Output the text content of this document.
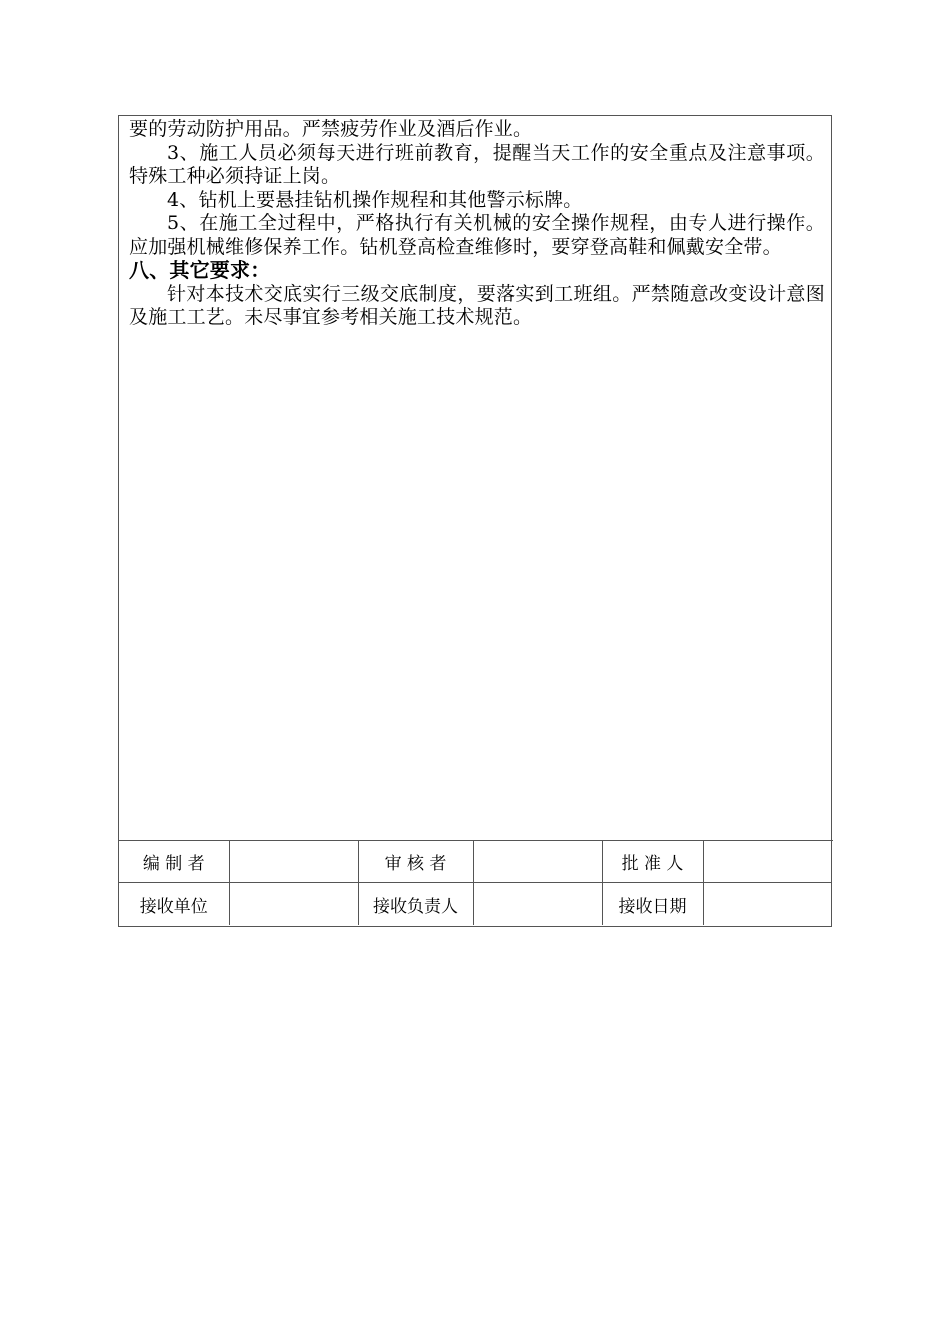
要的劳动防护用品。严禁疲劳作业及酒后作业。

3、施工人员必须每天进行班前教育，提醒当天工作的安全重点及注意事项。特殊工种必须持证上岗。

4、钻机上要悬挂钻机操作规程和其他警示标牌。

5、在施工全过程中，严格执行有关机械的安全操作规程，由专人进行操作。应加强机械维修保养工作。钻机登高检查维修时，要穿登高鞋和佩戴安全带。

八、其它要求：

针对本技术交底实行三级交底制度，要落实到工班组。严禁随意改变设计意图及施工工艺。未尽事宜参考相关施工技术规范。

编 制 者		审 核 者		批 准 人	
接收单位		接收负责人		接收日期	
